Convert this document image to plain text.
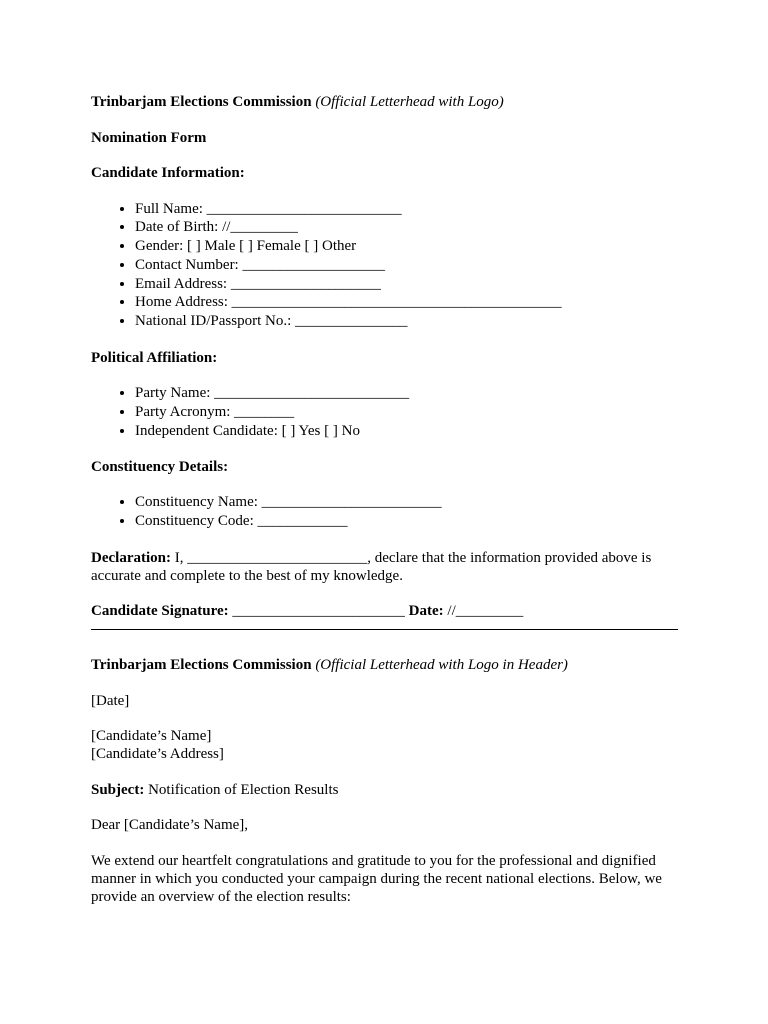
Trinbarjam Elections Commission (Official Letterhead with Logo)

Nomination Form

Candidate Information:

• Full Name: __________________________
• Date of Birth: //_________
• Gender: [ ] Male [ ] Female [ ] Other
• Contact Number: ___________________
• Email Address: ____________________
• Home Address: ____________________________________________
• National ID/Passport No.: _______________

Political Affiliation:

• Party Name: __________________________
• Party Acronym: ________
• Independent Candidate: [ ] Yes [ ] No

Constituency Details:

• Constituency Name: ________________________
• Constituency Code: ____________

Declaration: I, ________________________, declare that the information provided above is accurate and complete to the best of my knowledge.

Candidate Signature: _______________________ Date: //_________

Trinbarjam Elections Commission (Official Letterhead with Logo in Header)

[Date]

[Candidate’s Name]

[Candidate’s Address]

Subject: Notification of Election Results

Dear [Candidate’s Name],

We extend our heartfelt congratulations and gratitude to you for the professional and dignified manner in which you conducted your campaign during the recent national elections. Below, we provide an overview of the election results:
